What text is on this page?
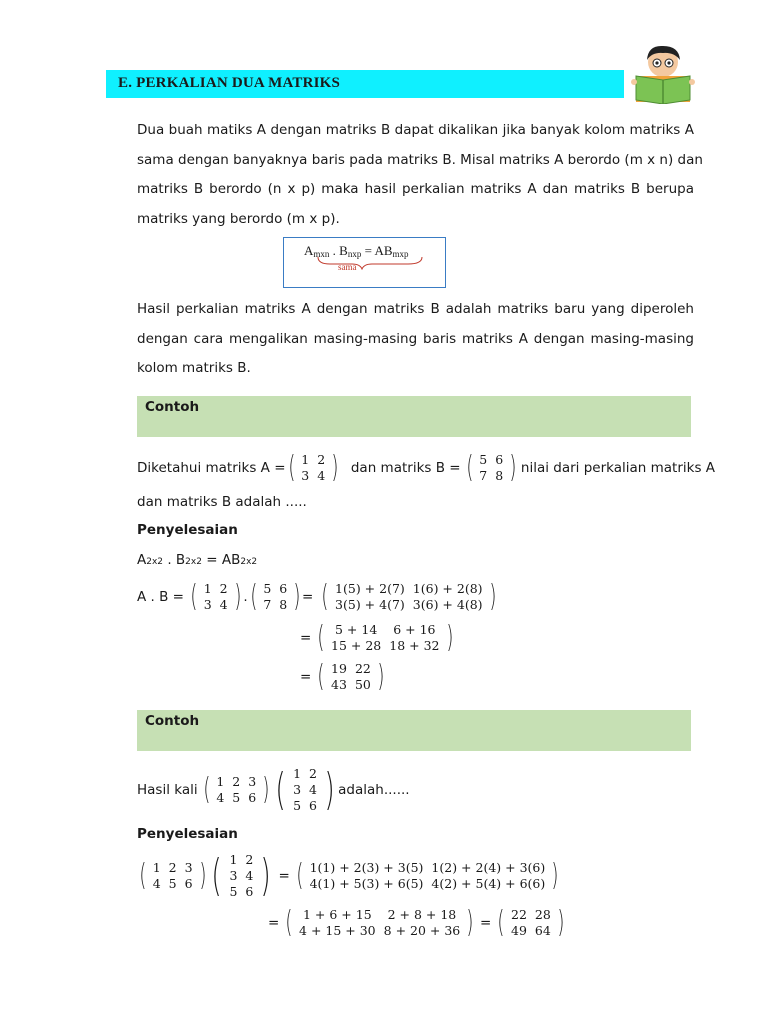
E. PERKALIAN DUA MATRIKS
Dua buah matiks A dengan matriks B dapat dikalikan jika banyak kolom matriks A
sama dengan banyaknya baris pada matriks B. Misal matriks A berordo (m x n) dan
matriks B berordo (n x p) maka hasil perkalian matriks A dan matriks B berupa
matriks yang berordo (m x p).
$A_{mxn}$ . $B_{nxp} = AB_{mxp}$
sama
Hasil perkalian matriks A dengan matriks B adalah matriks baru yang diperoleh
dengan cara mengalikan masing-masing baris matriks A dengan masing-masing
kolom matriks B.
Contoh
Diketahui matriks A = ( 1	2
3	4 ) dan matriks B = ( 5	6
7	8 ) nilai dari perkalian matriks A
dan matriks B adalah .....
Penyelesaian
A2x2 . B2x2 = AB2x2
A . B = ( 1	2
3	4 ) . ( 5	6
7	8 ) = ( 1(5) + 2(7)	1(6) + 2(8)
3(5) + 4(7)	3(6) + 4(8) )
= ( 5 + 14	6 + 16
15 + 28	18 + 32 )
= ( 19	22
43	50 )
Contoh
Hasil kali ( 1	2	3
4	5	6 ) ( 1	2
3	4
5	6 ) adalah......
Penyelesaian
( 1	2	3
4	5	6 ) ( 1	2
3	4
5	6 ) = ( 1(1) + 2(3) + 3(5)	1(2) + 2(4) + 3(6)
4(1) + 5(3) + 6(5)	4(2) + 5(4) + 6(6) )
= ( 1 + 6 + 15	2 + 8 + 18
4 + 15 + 30	8 + 20 + 36 ) = ( 22	28
49	64 )
